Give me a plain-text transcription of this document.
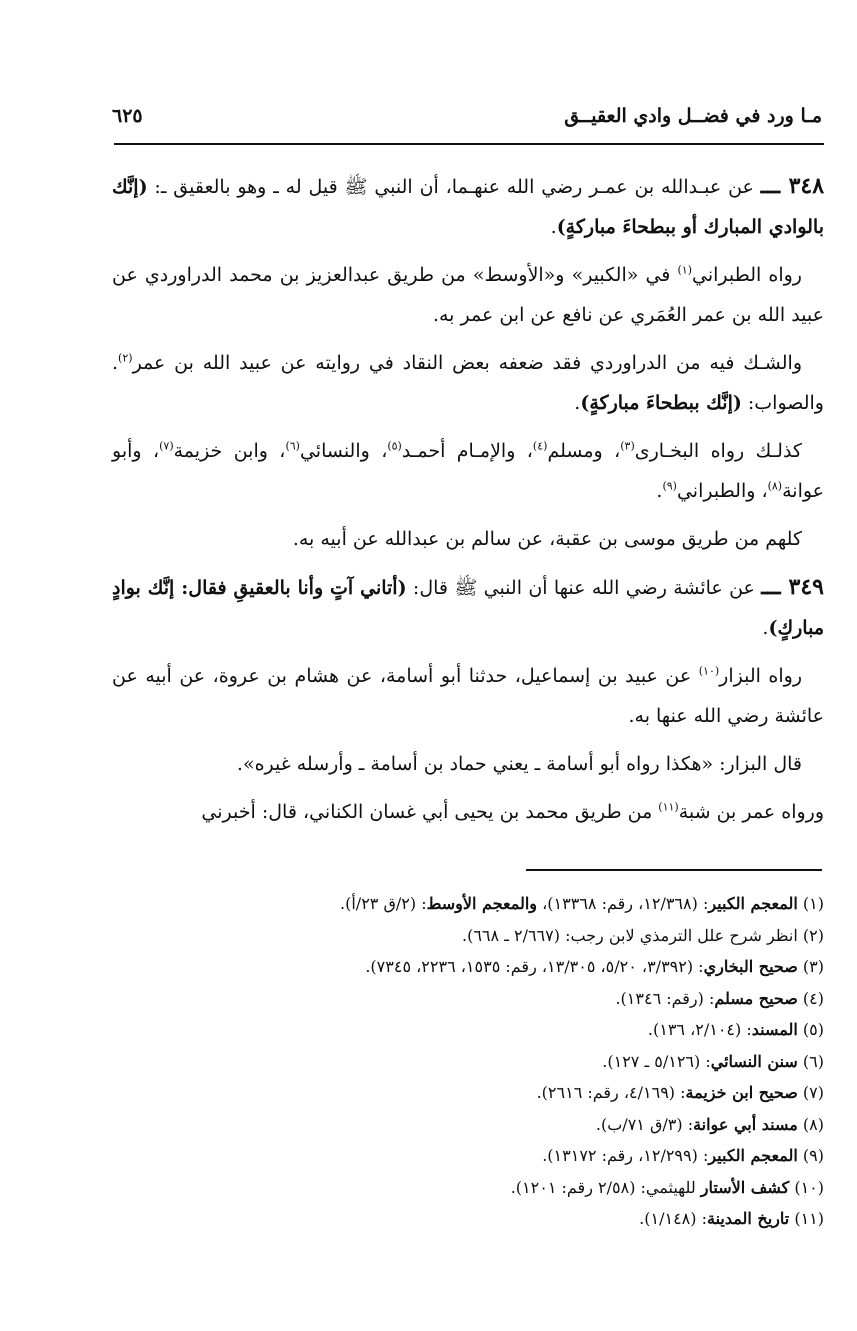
مـا ورد في فضــل وادي العقيــق
٦٢٥

٣٤٨ ـــ عن عبـدالله بن عمـر رضي الله عنهـما، أن النبي ﷺ قيل له ـ وهو بالعقيق ـ: (إنَّك بالوادي المبارك أو ببطحاءَ مباركةٍ).

رواه الطبراني$^{(١)}$ في «الكبير» و«الأوسط» من طريق عبدالعزيز بن محمد الدراوردي عن عبيد الله بن عمر العُمَري عن نافع عن ابن عمر به.

والشـك فيه من الدراوردي فقد ضعفه بعض النقاد في روايته عن عبيد الله بن عمر$^{(٢)}$. والصواب: (إنَّك ببطحاءَ مباركةٍ).

كذلـك رواه البخـارى$^{(٣)}$، ومسلم$^{(٤)}$، والإمـام أحمـد$^{(٥)}$، والنسائي$^{(٦)}$، وابن خزيمة$^{(٧)}$، وأبو عوانة$^{(٨)}$، والطبراني$^{(٩)}$.

كلهم من طريق موسى بن عقبة، عن سالم بن عبدالله عن أبيه به.

٣٤٩ ـــ عن عائشة رضي الله عنها أن النبي ﷺ قال: (أتاني آتٍ وأنا بالعقيقِ فقال: إنَّك بوادٍ مباركٍ).

رواه البزار$^{(١٠)}$ عن عبيد بن إسماعيل، حدثنا أبو أسامة، عن هشام بن عروة، عن أبيه عن عائشة رضي الله عنها به.

قال البزار: «هكذا رواه أبو أسامة ـ يعني حماد بن أسامة ـ وأرسله غيره».

ورواه عمر بن شبة$^{(١١)}$ من طريق محمد بن يحيى أبي غسان الكناني، قال: أخبرني

(١) المعجم الكبير: (١٢/٣٦٨، رقم: ١٣٣٦٨)، والمعجم الأوسط: (٢/ق ٢٣/أ).

(٢) انظر شرح علل الترمذي لابن رجب: (٢/٦٦٧ ـ ٦٦٨).

(٣) صحيح البخاري: (٣/٣٩٢، ٥/٢٠، ١٣/٣٠٥، رقم: ١٥٣٥، ٢٢٣٦، ٧٣٤٥).

(٤) صحيح مسلم: (رقم: ١٣٤٦).

(٥) المسند: (٢/١٠٤، ١٣٦).

(٦) سنن النسائي: (٥/١٢٦ ـ ١٢٧).

(٧) صحيح ابن خزيمة: (٤/١٦٩، رقم: ٢٦١٦).

(٨) مسند أبي عوانة: (٣/ق ٧١/ب).

(٩) المعجم الكبير: (١٢/٢٩٩، رقم: ١٣١٧٢).

(١٠) كشف الأستار للهيثمي: (٢/٥٨ رقم: ١٢٠١).

(١١) تاريخ المدينة: (١/١٤٨).
